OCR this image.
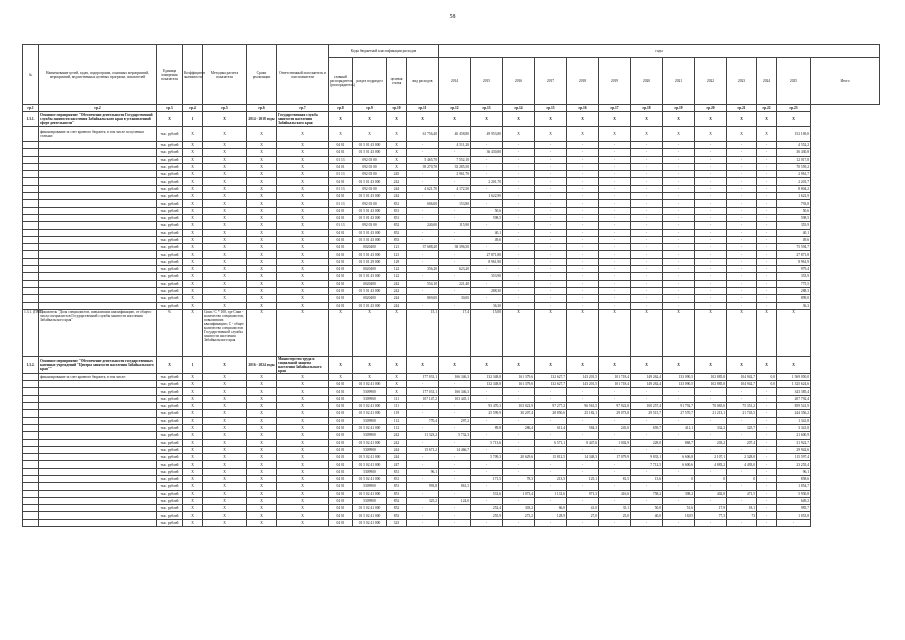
58
№	Наименование целей, задач, подпрограмм, основных мероприятий, мероприятий, ведомственных целевых программ, показателей	Единица измерения показателя	Коэффициент значимости	Методика расчета показателя	Сроки реализации	Ответственный исполнитель и соисполнители	Коды бюджетной классификации расходов				годы												
							главный распорядитель (распорядитель)	раздел подраздел	целевая статья	вид расходов	2014	2015	2016	2017	2018	2019	2020	2021	2022	2023	2024	2025	Итого
гр.1	гр.2	гр.3	гр.4	гр.5	гр.6	гр.7	гр.8	гр.9	гр.10	гр.11	гр.12	гр.13	гр.14	гр.15	гр.16	гр.17	гр.18	гр.19	гр.20	гр.21	гр.22	гр.23	
1.3.1.	Основное мероприятие "Обеспечение деятельности Государственной службы занятости населения Забайкальского края в установленной сфере деятельности"	X	1	X	2014 - 2018 годы	Государственная служба занятости населения Забайкальского края	X	X	X	X	X	X	X	X	X	X	X	X	X	X	X	X	
	финансирование за счет краевого бюджета, в том числе по целевым статьям:	тыс. рублей	X	X	X	X	X	X	X	61 756,40	40 458,80	49 953,80	X	X	X	X	X	X	X	X	X	152 169,0	
		тыс. рублей	X	X	X	X	04 01	01 5 01 43 000	X	-	4 511,20	-	-	-	-	-	-	-	-	-	-	4 552,2	
		тыс. рублей	X	X	X	X	04 01	01 5 01 43 000	X	-	-	36 430,80	-	-	-	-	-	-	-	-	-	36 430,8	
		тыс. рублей	X	X	X	X	01 13	092 03 00	X	5 465,70	7 552,10	-	-	-	-	-	-	-	-	-	-	12 017,8	
		тыс. рублей	X	X	X	X	04 01	092 03 00	X	39 270,70	35 285,50	-	-	-	-	-	-	-	-	-	-	70 559,2	
		тыс. рублей	X	X	X	X	01 13	092 03 00	245	-	2 961,70	-	-	-	-	-	-	-	-	-	-	2 961,7	
		тыс. рублей	X	X	X	X	04 01	01 5 01 43 000	242	-	-	2 201,70	-	-	-	-	-	-	-	-	-	2 201,7	
		тыс. рублей	X	X	X	X	01 13	092 03 00	244	4 621,70	4 172,50	-	-	-	-	-	-	-	-	-	-	8 804,2	
		тыс. рублей	X	X	X	X	04 01	01 5 01 43 000	244	-	-	1 622,90	-	-	-	-	-	-	-	-	-	1 622,9	
		тыс. рублей	X	X	X	X	01 13	092 03 00	831	606,00	153,80	-	-	-	-	-	-	-	-	-	-	793,8	
		тыс. рублей	X	X	X	X	04 01	01 5 01 43 000	831	-	-	50,6	-	-	-	-	-	-	-	-	-	50,6	
		тыс. рублей	X	X	X	X	04 01	01 5 01 43 000	851	-	-	598,5	-	-	-	-	-	-	-	-	-	598,5	
		тыс. рублей	X	X	X	X	01 13	092 03 00	852	240,00	115,90	-	-	-	-	-	-	-	-	-	-	355,9	
		тыс. рублей	X	X	X	X	04 01	01 5 01 43 000	852	-	-	40,1	-	-	-	-	-	-	-	-	-	40,1	
		тыс. рублей	X	X	X	X	04 01	01 5 01 43 000	853	-	-	49,6	-	-	-	-	-	-	-	-	-	49,6	
		тыс. рублей	X	X	X	X	04 01	0020400	121	37 688,20	38 396,50	-	-	-	-	-	-	-	-	-	-	75 594,7	
		тыс. рублей	X	X	X	X	04 01	01 5 01 43 000	121	-	-	27 871,80	-	-	-	-	-	-	-	-	-	27 871,8	
		тыс. рублей	X	X	X	X	04 01	01 5 01 29 000	129	-	-	8 961,90	-	-	-	-	-	-	-	-	-	8 961,9	
		тыс. рублей	X	X	X	X	04 01	0020400	122	356,20	623,20	-	-	-	-	-	-	-	-	-	-	979,4	
		тыс. рублей	X	X	X	X	04 01	01 5 01 43 000	122	-	-	353,90	-	-	-	-	-	-	-	-	-	353,9	
		тыс. рублей	X	X	X	X	04 01	0020400	242	554,10	221,40	-	-	-	-	-	-	-	-	-	-	775,5	
		тыс. рублей	X	X	X	X	04 01	01 5 01 43 000	242	-	-	288,30	-	-	-	-	-	-	-	-	-	288,3	
		тыс. рублей	X	X	X	X	04 01	0020400	244	869,00	30,00	-	-	-	-	-	-	-	-	-	-	899,0	
		тыс. рублей	X	X	X	X	04 01	01 5 01 43 000	244	-	-	36,30	-	-	-	-	-	-	-	-	-	36,3	
1.3.1. (ПМ1)	Показатель "Доля специалистов, повысивших квалификацию, от общего числа специалистов Государственной службы занятости населения Забайкальского края"	%	X	Спкв / С * 100, где Спкв - количество специалистов, повысивших квалификацию; С - общее количество специалистов Государственной службы занятости населения Забайкальского края	X	X	X	X	X	15,1	17,4	15,00	X	X	X	X	X	X	X	X	X	X	
1.3.2.	Основное мероприятие "Обеспечение деятельности государственных казенных учреждений "Центры занятости населения Забайкальского края""	X	1	X	2016 - 2024 годы	Министерство труда и социальной защиты населения Забайкальского края	X	X	X	X	X	X	X	X	X	X	X	X	X	X	X	X	
	финансирование за счет краевого бюджета, в том числе:	тыс. рублей	X	X	X	X	X	X	X	177 031,1	166 346,3	132 348,8	161 379,6	132 627,7	143 201,5	101 718,4	149 262,4	133 090,5	102 885,8	104 942,7	0,0	1 569 050,0	
		тыс. рублей	X	X	X	X	04 01	01 5 02 41 000	X	-	-	132 348,8	161 379,6	132 627,7	143 201,5	101 718,4	149 262,4	133 090,5	102 885,8	104 942,7	0,0	1 325 624,6	
		тыс. рублей	X	X	X	X	04 01	5309900	X	177 031,1	166 346,3	-	-	-	-	-	-	-	-	-	-	343 385,4	
		тыс. рублей	X	X	X	X	04 01	5309900	111	107 147,2	103 445,1	-	-	-	-	-	-	-	-	-	-	207 792,4	
		тыс. рублей	X	X	X	X	04 01	01 5 02 41 000	111	-	-	93 470,3	103 022,9	97 277,2	96 561,5	97 922,8	100 257,4	91 792,7	70 065,6	75 351,2	-	859 541,9	
		тыс. рублей	X	X	X	X	04 01	01 5 02 41 000	119	-	-	25 599,9	30 207,4	28 850,6	25 182,1	29 073,8	29 515,7	27 570,7	21 213,1	21 743,5	-	244 356,2	
		тыс. рублей	X	X	X	X	04 01	5309900	112	770,4	297,2	-	-	-	-	-	-	-	-	-	-	1 341,8	
		тыс. рублей	X	X	X	X	04 01	01 5 02 41 000	112	-	-	89,8	286,4	611,4	584,3	245,0	659,7	411,1	332,2	325,7	-	3 341,8	
		тыс. рублей	X	X	X	X	04 01	5309900	242	11 323,2	5 732,3	-	-	-	-	-	-	-	-	-	-	21 600,9	
		тыс. рублей	X	X	X	X	04 01	01 5 02 41 000	242	-	-	5 713,6	-	6 571,1	8 447,6	1 002,9	228,0	868,7	203,2	207,4	-	31 922,7	
		тыс. рублей	X	X	X	X	04 01	5309900	244	15 671,2	14 466,7	-	-	-	-	-	-	-	-	-	-	29 942,6	
		тыс. рублей	X	X	X	X	04 01	01 5 02 41 000	244	-	-	5 709,3	20 629,6	15 812,5	14 348,3	17 079,9	9 833,1	6 606,8	2 107,1	2 328,0	-	115 597,4	
		тыс. рублей	X	X	X	X	04 01	01 5 02 41 000	247	-	-	-	-	-	-	-	7 712,5	6 600,6	4 883,2	4 493,0	-	23 255,4	
		тыс. рублей	X	X	X	X	04 01	5309900	831	96,1	-	-	-	-	-	-	-	-	-	-	-	96,1	
		тыс. рублей	X	X	X	X	04 01	01 5 02 41 000	831	-	-	171,5	78,3	213,5	125,1	81,5	13,6	0	0	0	-	858,6	
		тыс. рублей	X	X	X	X	04 01	5309900	851	993,8	861,3	-	-	-	-	-	-	-	-	-	-	1 854,7	
		тыс. рублей	X	X	X	X	04 01	01 5 02 41 000	851	-	-	531,6	1 073,4	1 131,6	971,3	416,6	758,2	398,2	402,8	471,5	-	5 930,8	
		тыс. рублей	X	X	X	X	04 01	5309900	852	325,2	124,0	-	-	-	-	-	-	-	-	-	-	649,2	
		тыс. рублей	X	X	X	X	04 01	01 5 02 41 000	852	-	-	252,4	303,2	66,0	41,0	35,1	50,0	51,6	17,9	18,1	-	985,7	
		тыс. рублей	X	X	X	X	04 01	01 5 02 41 000	853	-	-	255,9	273,2	128,9	27,0	25,0	40,0	18,05	77,3	73	-	1 053,8	
		тыс. рублей	X	X	X	X	04 01	01 5 02 41 000	323	-	-	-	-	-	-	-	-	-	-	-	-	-	
